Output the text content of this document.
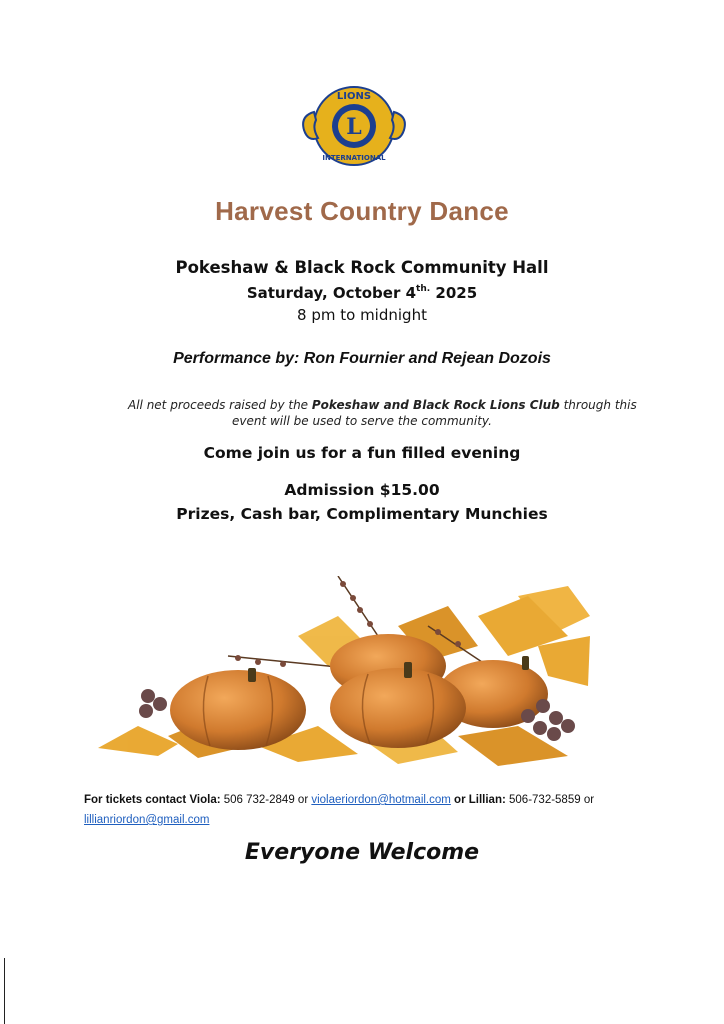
L
LIONS
INTERNATIONAL
Harvest Country Dance
Pokeshaw & Black Rock Community Hall
Saturday, October $4^{th.}$ 2025
8 pm to midnight
Performance by: Ron Fournier and Rejean Dozois
All net proceeds raised by the Pokeshaw and Black Rock Lions Club through this
event will be used to serve the community.
Come join us for a fun filled evening
Admission $15.00
Prizes, Cash bar, Complimentary Munchies
For tickets contact Viola: 506 732-2849 or violaeriordon@hotmail.com or Lillian: 506-732-5859 or
lillianriordon@gmail.com
Everyone Welcome
